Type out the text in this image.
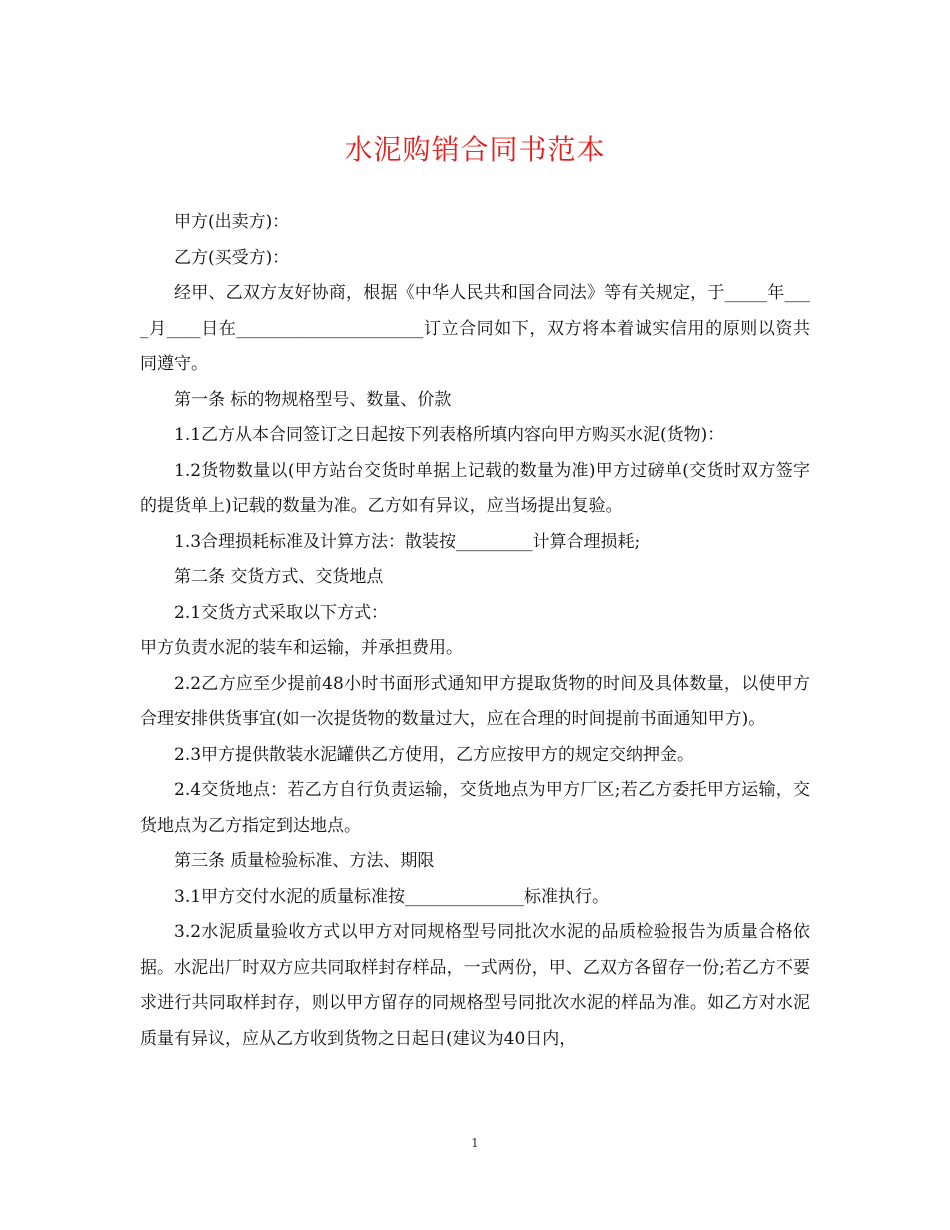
水泥购销合同书范本

甲方(出卖方)：

乙方(买受方)：

经甲、乙双方友好协商，根据《中华人民共和国合同法》等有关规定，于_____年____月____日在______________________订立合同如下，双方将本着诚实信用的原则以资共同遵守。

第一条 标的物规格型号、数量、价款

1.1乙方从本合同签订之日起按下列表格所填内容向甲方购买水泥(货物)：

1.2货物数量以(甲方站台交货时单据上记载的数量为准)甲方过磅单(交货时双方签字的提货单上)记载的数量为准。乙方如有异议，应当场提出复验。

1.3合理损耗标准及计算方法：散装按_________计算合理损耗;

第二条 交货方式、交货地点

2.1交货方式采取以下方式：

甲方负责水泥的装车和运输，并承担费用。

2.2乙方应至少提前48小时书面形式通知甲方提取货物的时间及具体数量，以使甲方合理安排供货事宜(如一次提货物的数量过大，应在合理的时间提前书面通知甲方)。

2.3甲方提供散装水泥罐供乙方使用，乙方应按甲方的规定交纳押金。

2.4交货地点：若乙方自行负责运输，交货地点为甲方厂区;若乙方委托甲方运输，交货地点为乙方指定到达地点。

第三条 质量检验标准、方法、期限

3.1甲方交付水泥的质量标准按______________标准执行。

3.2水泥质量验收方式以甲方对同规格型号同批次水泥的品质检验报告为质量合格依据。水泥出厂时双方应共同取样封存样品，一式两份，甲、乙双方各留存一份;若乙方不要求进行共同取样封存，则以甲方留存的同规格型号同批次水泥的样品为准。如乙方对水泥质量有异议，应从乙方收到货物之日起日(建议为40日内，

1
